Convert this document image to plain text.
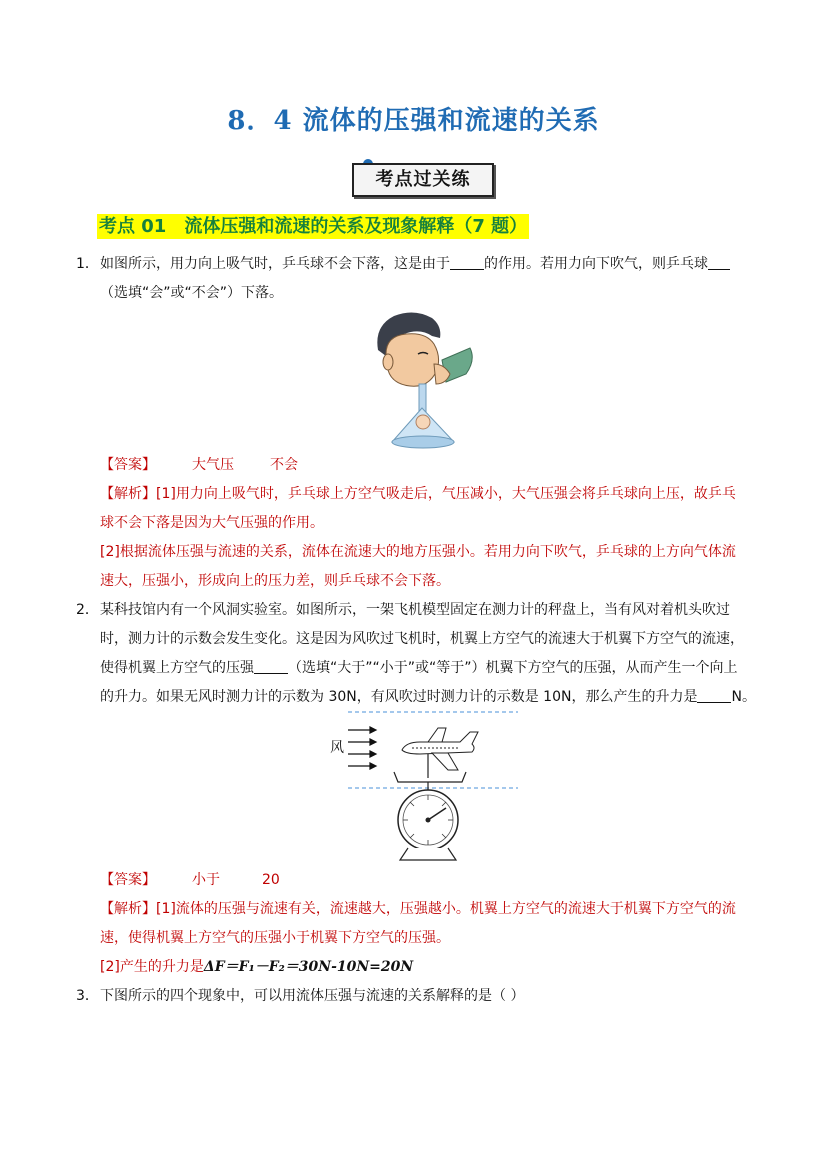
8．4 流体的压强和流速的关系
考点过关练
考点 01 流体压强和流速的关系及现象解释（7 题）
1．如图所示，用力向上吸气时，乒乓球不会下落，这是由于 的作用。若用力向下吹气，则乒乓球
（选填“会”或“不会”）下落。
【答案】	大气压	不会
【解析】[1]用力向上吸气时，乒乓球上方空气吸走后，气压减小，大气压强会将乒乓球向上压，故乒乓
球不会下落是因为大气压强的作用。
[2]根据流体压强与流速的关系，流体在流速大的地方压强小。若用力向下吹气，乒乓球的上方向气体流
速大，压强小，形成向上的压力差，则乒乓球不会下落。
2．某科技馆内有一个风洞实验室。如图所示，一架飞机模型固定在测力计的秤盘上，当有风对着机头吹过
时，测力计的示数会发生变化。这是因为风吹过飞机时，机翼上方空气的流速大于机翼下方空气的流速，
使得机翼上方空气的压强 （选填“大于”“小于”或“等于”）机翼下方空气的压强，从而产生一个向上
的升力。如果无风时测力计的示数为 30N，有风吹过时测力计的示数是 10N，那么产生的升力是 N。
风
【答案】	小于	20
【解析】[1]流体的压强与流速有关，流速越大，压强越小。机翼上方空气的流速大于机翼下方空气的流
速，使得机翼上方空气的压强小于机翼下方空气的压强。
[2]产生的升力是ΔF＝F₁－F₂＝30N-10N=20N
3．下图所示的四个现象中，可以用流体压强与流速的关系解释的是（ ）
